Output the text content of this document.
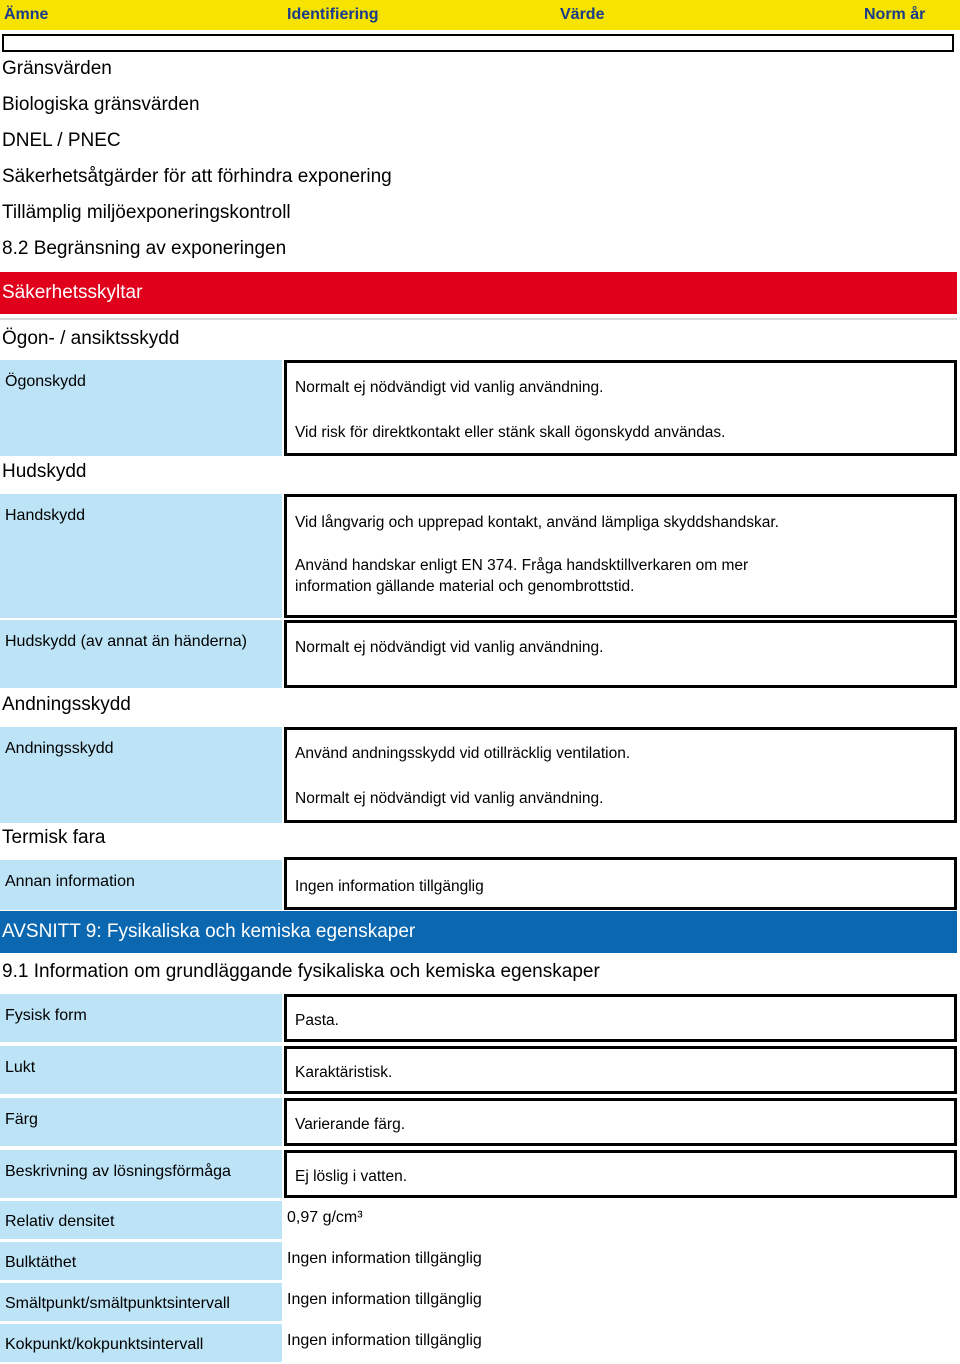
Ämne	Identifiering	Värde	Norm år
Gränsvärden
Biologiska gränsvärden
DNEL / PNEC
Säkerhetsåtgärder för att förhindra exponering
Tillämplig miljöexponeringskontroll
8.2 Begränsning av exponeringen
Säkerhetsskyltar
Ögon- / ansiktsskydd
Ögonskydd	Normalt ej nödvändigt vid vanlig användning.
Vid risk för direktkontakt eller stänk skall ögonskydd användas.
Hudskydd
Handskydd	Vid långvarig och upprepad kontakt, använd lämpliga skyddshandskar.
Använd handskar enligt EN 374. Fråga handsktillverkaren om mer information gällande material och genombrottstid.
Hudskydd (av annat än händerna)	Normalt ej nödvändigt vid vanlig användning.
Andningsskydd
Andningsskydd	Använd andningsskydd vid otillräcklig ventilation.
Normalt ej nödvändigt vid vanlig användning.
Termisk fara
Annan information	Ingen information tillgänglig
AVSNITT 9: Fysikaliska och kemiska egenskaper
9.1 Information om grundläggande fysikaliska och kemiska egenskaper
Fysisk form	Pasta.
Lukt	Karaktäristisk.
Färg	Varierande färg.
Beskrivning av lösningsförmåga	Ej löslig i vatten.
Relativ densitet	0,97 g/cm³
Bulktäthet	Ingen information tillgänglig
Smältpunkt/smältpunktsintervall	Ingen information tillgänglig
Kokpunkt/kokpunktsintervall	Ingen information tillgänglig
